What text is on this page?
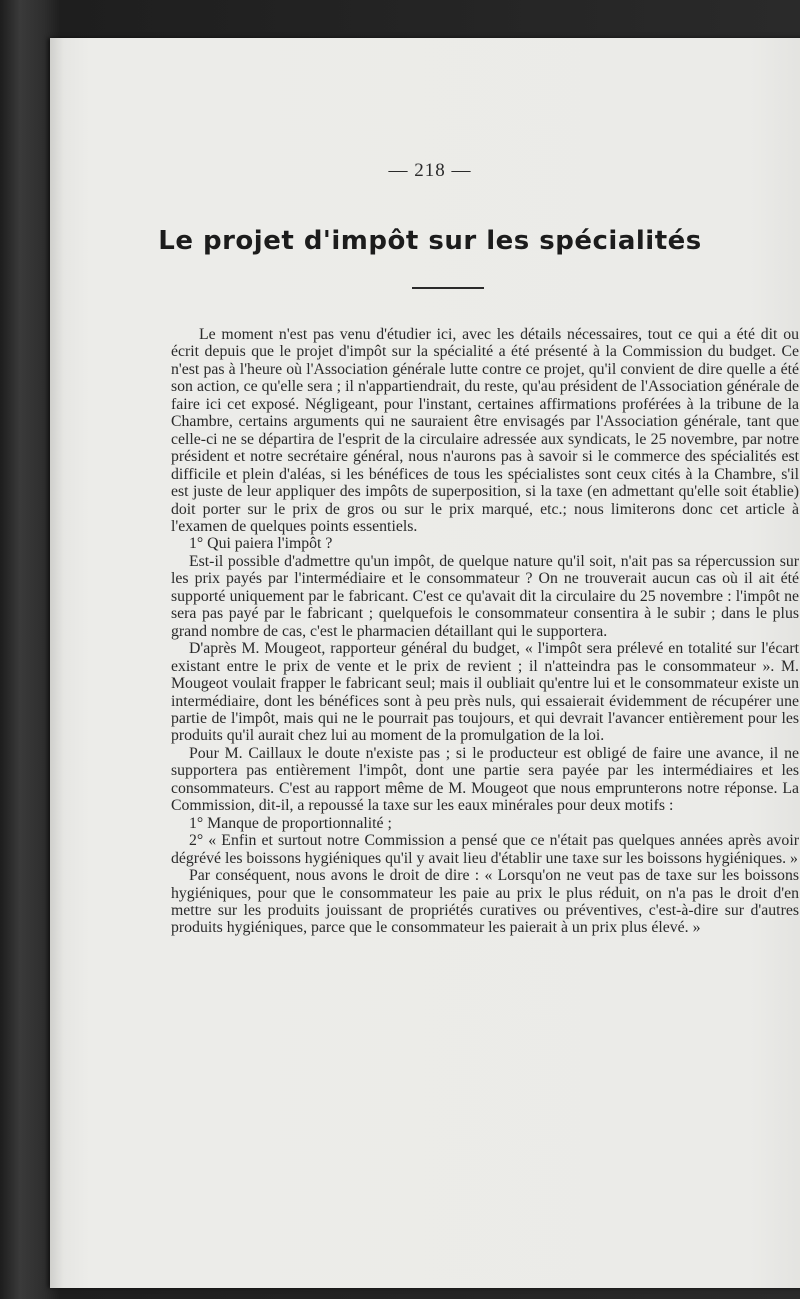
— 218 —
Le projet d'impôt sur les spécialités

Le moment n'est pas venu d'étudier ici, avec les détails nécessaires, tout ce qui a été dit ou écrit depuis que le projet d'impôt sur la spécialité a été présenté à la Commission du budget. Ce n'est pas à l'heure où l'Association générale lutte contre ce projet, qu'il convient de dire quelle a été son action, ce qu'elle sera ; il n'appartiendrait, du reste, qu'au président de l'Association générale de faire ici cet exposé. Négligeant, pour l'instant, certaines affirmations proférées à la tribune de la Chambre, certains arguments qui ne sauraient être envisagés par l'Association générale, tant que celle-ci ne se départira de l'esprit de la circulaire adressée aux syndicats, le 25 novembre, par notre président et notre secrétaire général, nous n'aurons pas à savoir si le commerce des spécialités est difficile et plein d'aléas, si les bénéfices de tous les spécialistes sont ceux cités à la Chambre, s'il est juste de leur appliquer des impôts de superposition, si la taxe (en admettant qu'elle soit établie) doit porter sur le prix de gros ou sur le prix marqué, etc.; nous limiterons donc cet article à l'examen de quelques points essentiels.

1° Qui paiera l'impôt ?

Est-il possible d'admettre qu'un impôt, de quelque nature qu'il soit, n'ait pas sa répercussion sur les prix payés par l'intermédiaire et le consommateur ? On ne trouverait aucun cas où il ait été supporté uniquement par le fabricant. C'est ce qu'avait dit la circulaire du 25 novembre : l'impôt ne sera pas payé par le fabricant ; quelquefois le consommateur consentira à le subir ; dans le plus grand nombre de cas, c'est le pharmacien détaillant qui le supportera.

D'après M. Mougeot, rapporteur général du budget, « l'impôt sera prélevé en totalité sur l'écart existant entre le prix de vente et le prix de revient ; il n'atteindra pas le consommateur ». M. Mougeot voulait frapper le fabricant seul; mais il oubliait qu'entre lui et le consommateur existe un intermédiaire, dont les bénéfices sont à peu près nuls, qui essaierait évidemment de récupérer une partie de l'impôt, mais qui ne le pourrait pas toujours, et qui devrait l'avancer entièrement pour les produits qu'il aurait chez lui au moment de la promulgation de la loi.

Pour M. Caillaux le doute n'existe pas ; si le producteur est obligé de faire une avance, il ne supportera pas entièrement l'impôt, dont une partie sera payée par les intermédiaires et les consommateurs. C'est au rapport même de M. Mougeot que nous emprunterons notre réponse. La Commission, dit-il, a repoussé la taxe sur les eaux minérales pour deux motifs :

1° Manque de proportionnalité ;

2° « Enfin et surtout notre Commission a pensé que ce n'était pas quelques années après avoir dégrévé les boissons hygiéniques qu'il y avait lieu d'établir une taxe sur les boissons hygiéniques. »

Par conséquent, nous avons le droit de dire : « Lorsqu'on ne veut pas de taxe sur les boissons hygiéniques, pour que le consommateur les paie au prix le plus réduit, on n'a pas le droit d'en mettre sur les produits jouissant de propriétés curatives ou préventives, c'est-à-dire sur d'autres produits hygiéniques, parce que le consommateur les paierait à un prix plus élevé. »
